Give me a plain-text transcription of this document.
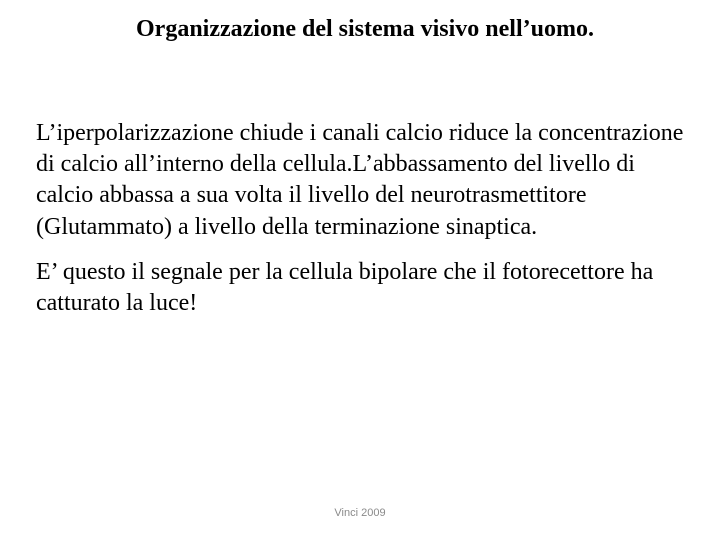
Organizzazione del sistema visivo nell’uomo.

L’iperpolarizzazione chiude i canali calcio riduce la concentrazione di calcio all’interno della cellula.L’abbassamento del livello di calcio abbassa a sua volta il livello del neurotrasmettitore (Glutammato) a livello della terminazione sinaptica.

E’ questo il segnale per la cellula bipolare che il fotorecettore ha catturato la luce!

Vinci 2009
